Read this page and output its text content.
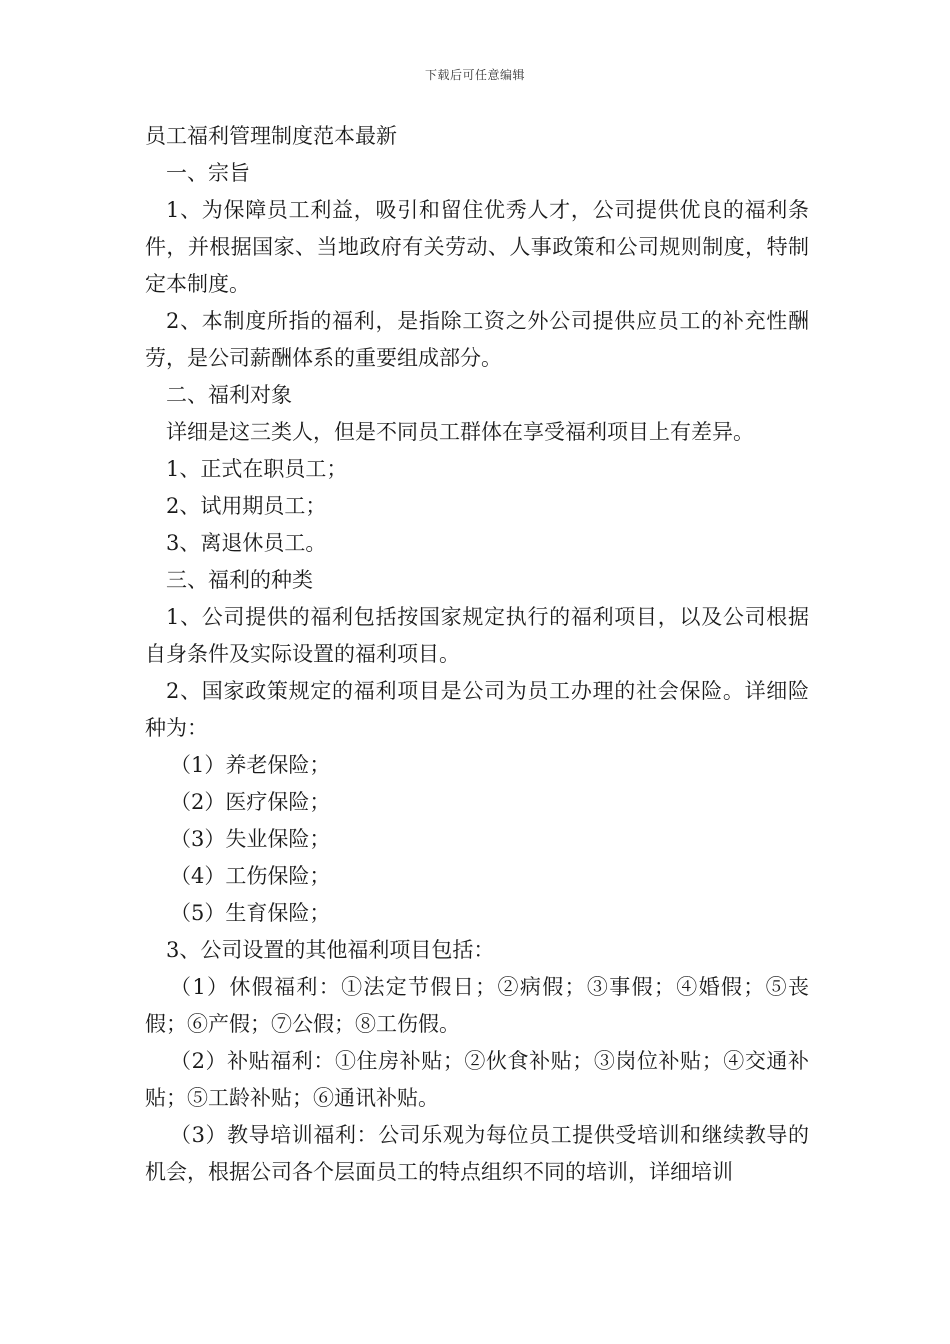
下载后可任意编辑

员工福利管理制度范本最新

一、宗旨

1、为保障员工利益，吸引和留住优秀人才，公司提供优良的福利条件，并根据国家、当地政府有关劳动、人事政策和公司规则制度，特制定本制度。

2、本制度所指的福利，是指除工资之外公司提供应员工的补充性酬劳，是公司薪酬体系的重要组成部分。

二、福利对象

详细是这三类人，但是不同员工群体在享受福利项目上有差异。

1、正式在职员工；

2、试用期员工；

3、离退休员工。

三、福利的种类

1、公司提供的福利包括按国家规定执行的福利项目，以及公司根据自身条件及实际设置的福利项目。

2、国家政策规定的福利项目是公司为员工办理的社会保险。详细险种为：

（1）养老保险；

（2）医疗保险；

（3）失业保险；

（4）工伤保险；

（5）生育保险；

3、公司设置的其他福利项目包括：

（1）休假福利：①法定节假日；②病假；③事假；④婚假；⑤丧假；⑥产假；⑦公假；⑧工伤假。

（2）补贴福利：①住房补贴；②伙食补贴；③岗位补贴；④交通补贴；⑤工龄补贴；⑥通讯补贴。

（3）教导培训福利：公司乐观为每位员工提供受培训和继续教导的机会，根据公司各个层面员工的特点组织不同的培训，详细培训
